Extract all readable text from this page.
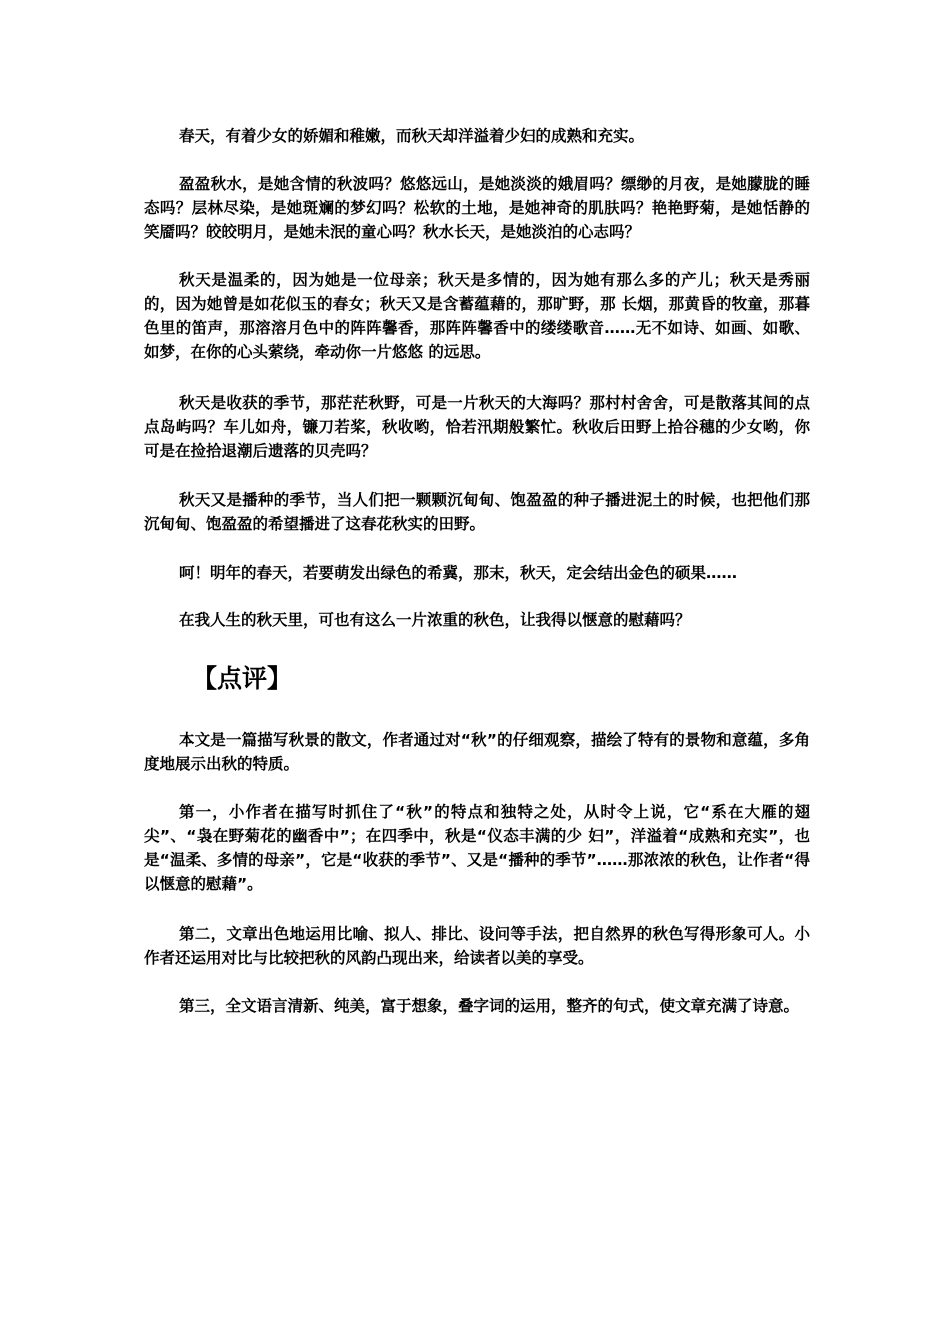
春天，有着少女的娇媚和稚嫩，而秋天却洋溢着少妇的成熟和充实。

盈盈秋水，是她含情的秋波吗？悠悠远山，是她淡淡的娥眉吗？缥缈的月夜，是她朦胧的睡态吗？层林尽染，是她斑斓的梦幻吗？松软的土地，是她神奇的肌肤吗？艳艳野菊，是她恬静的笑靥吗？皎皎明月，是她未泯的童心吗？秋水长天，是她淡泊的心志吗？

秋天是温柔的，因为她是一位母亲；秋天是多情的，因为她有那么多的产儿；秋天是秀丽的，因为她曾是如花似玉的春女；秋天又是含蓄蕴藉的，那旷野，那 长烟，那黄昏的牧童，那暮色里的笛声，那溶溶月色中的阵阵馨香，那阵阵馨香中的缕缕歌音……无不如诗、如画、如歌、如梦，在你的心头萦绕，牵动你一片悠悠 的远思。

秋天是收获的季节，那茫茫秋野，可是一片秋天的大海吗？那村村舍舍，可是散落其间的点点岛屿吗？车儿如舟，镰刀若桨，秋收哟，恰若汛期般繁忙。秋收后田野上拾谷穗的少女哟，你可是在捡拾退潮后遗落的贝壳吗？

秋天又是播种的季节，当人们把一颗颗沉甸甸、饱盈盈的种子播进泥土的时候，也把他们那沉甸甸、饱盈盈的希望播进了这春花秋实的田野。

呵！明年的春天，若要萌发出绿色的希冀，那末，秋天，定会结出金色的硕果……

在我人生的秋天里，可也有这么一片浓重的秋色，让我得以惬意的慰藉吗？

【点评】

本文是一篇描写秋景的散文，作者通过对“秋”的仔细观察，描绘了特有的景物和意蕴，多角度地展示出秋的特质。

第一，小作者在描写时抓住了“秋”的特点和独特之处，从时令上说，它“系在大雁的翅尖”、“袅在野菊花的幽香中”；在四季中，秋是“仪态丰满的少 妇”，洋溢着“成熟和充实”，也是“温柔、多情的母亲”，它是“收获的季节”、又是“播种的季节”……那浓浓的秋色，让作者“得以惬意的慰藉”。

第二，文章出色地运用比喻、拟人、排比、设问等手法，把自然界的秋色写得形象可人。小作者还运用对比与比较把秋的风韵凸现出来，给读者以美的享受。

第三，全文语言清新、纯美，富于想象，叠字词的运用，整齐的句式，使文章充满了诗意。
